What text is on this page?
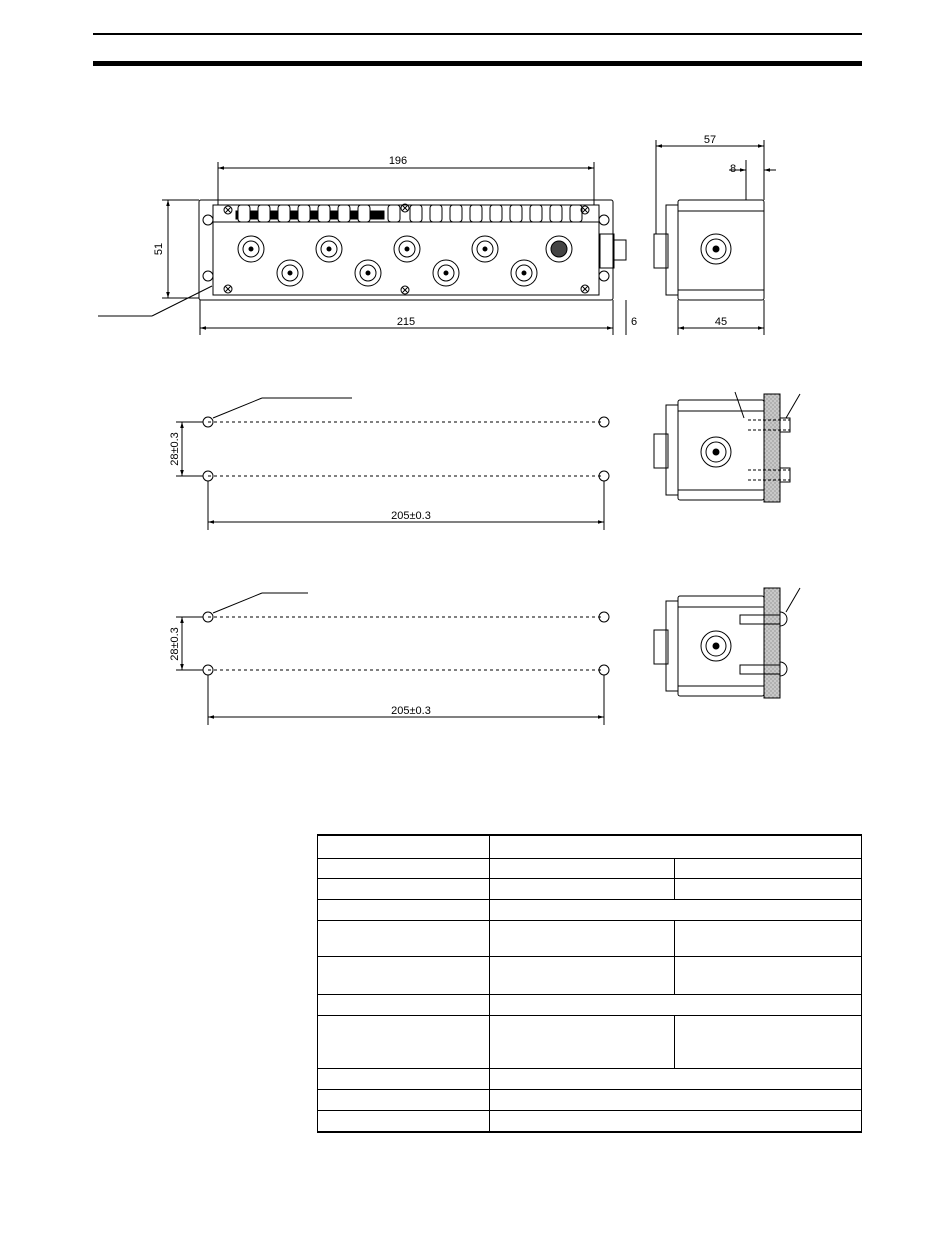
196
215
51
6
57
8
45
28±0.3
205±0.3
28±0.3
205±0.3
